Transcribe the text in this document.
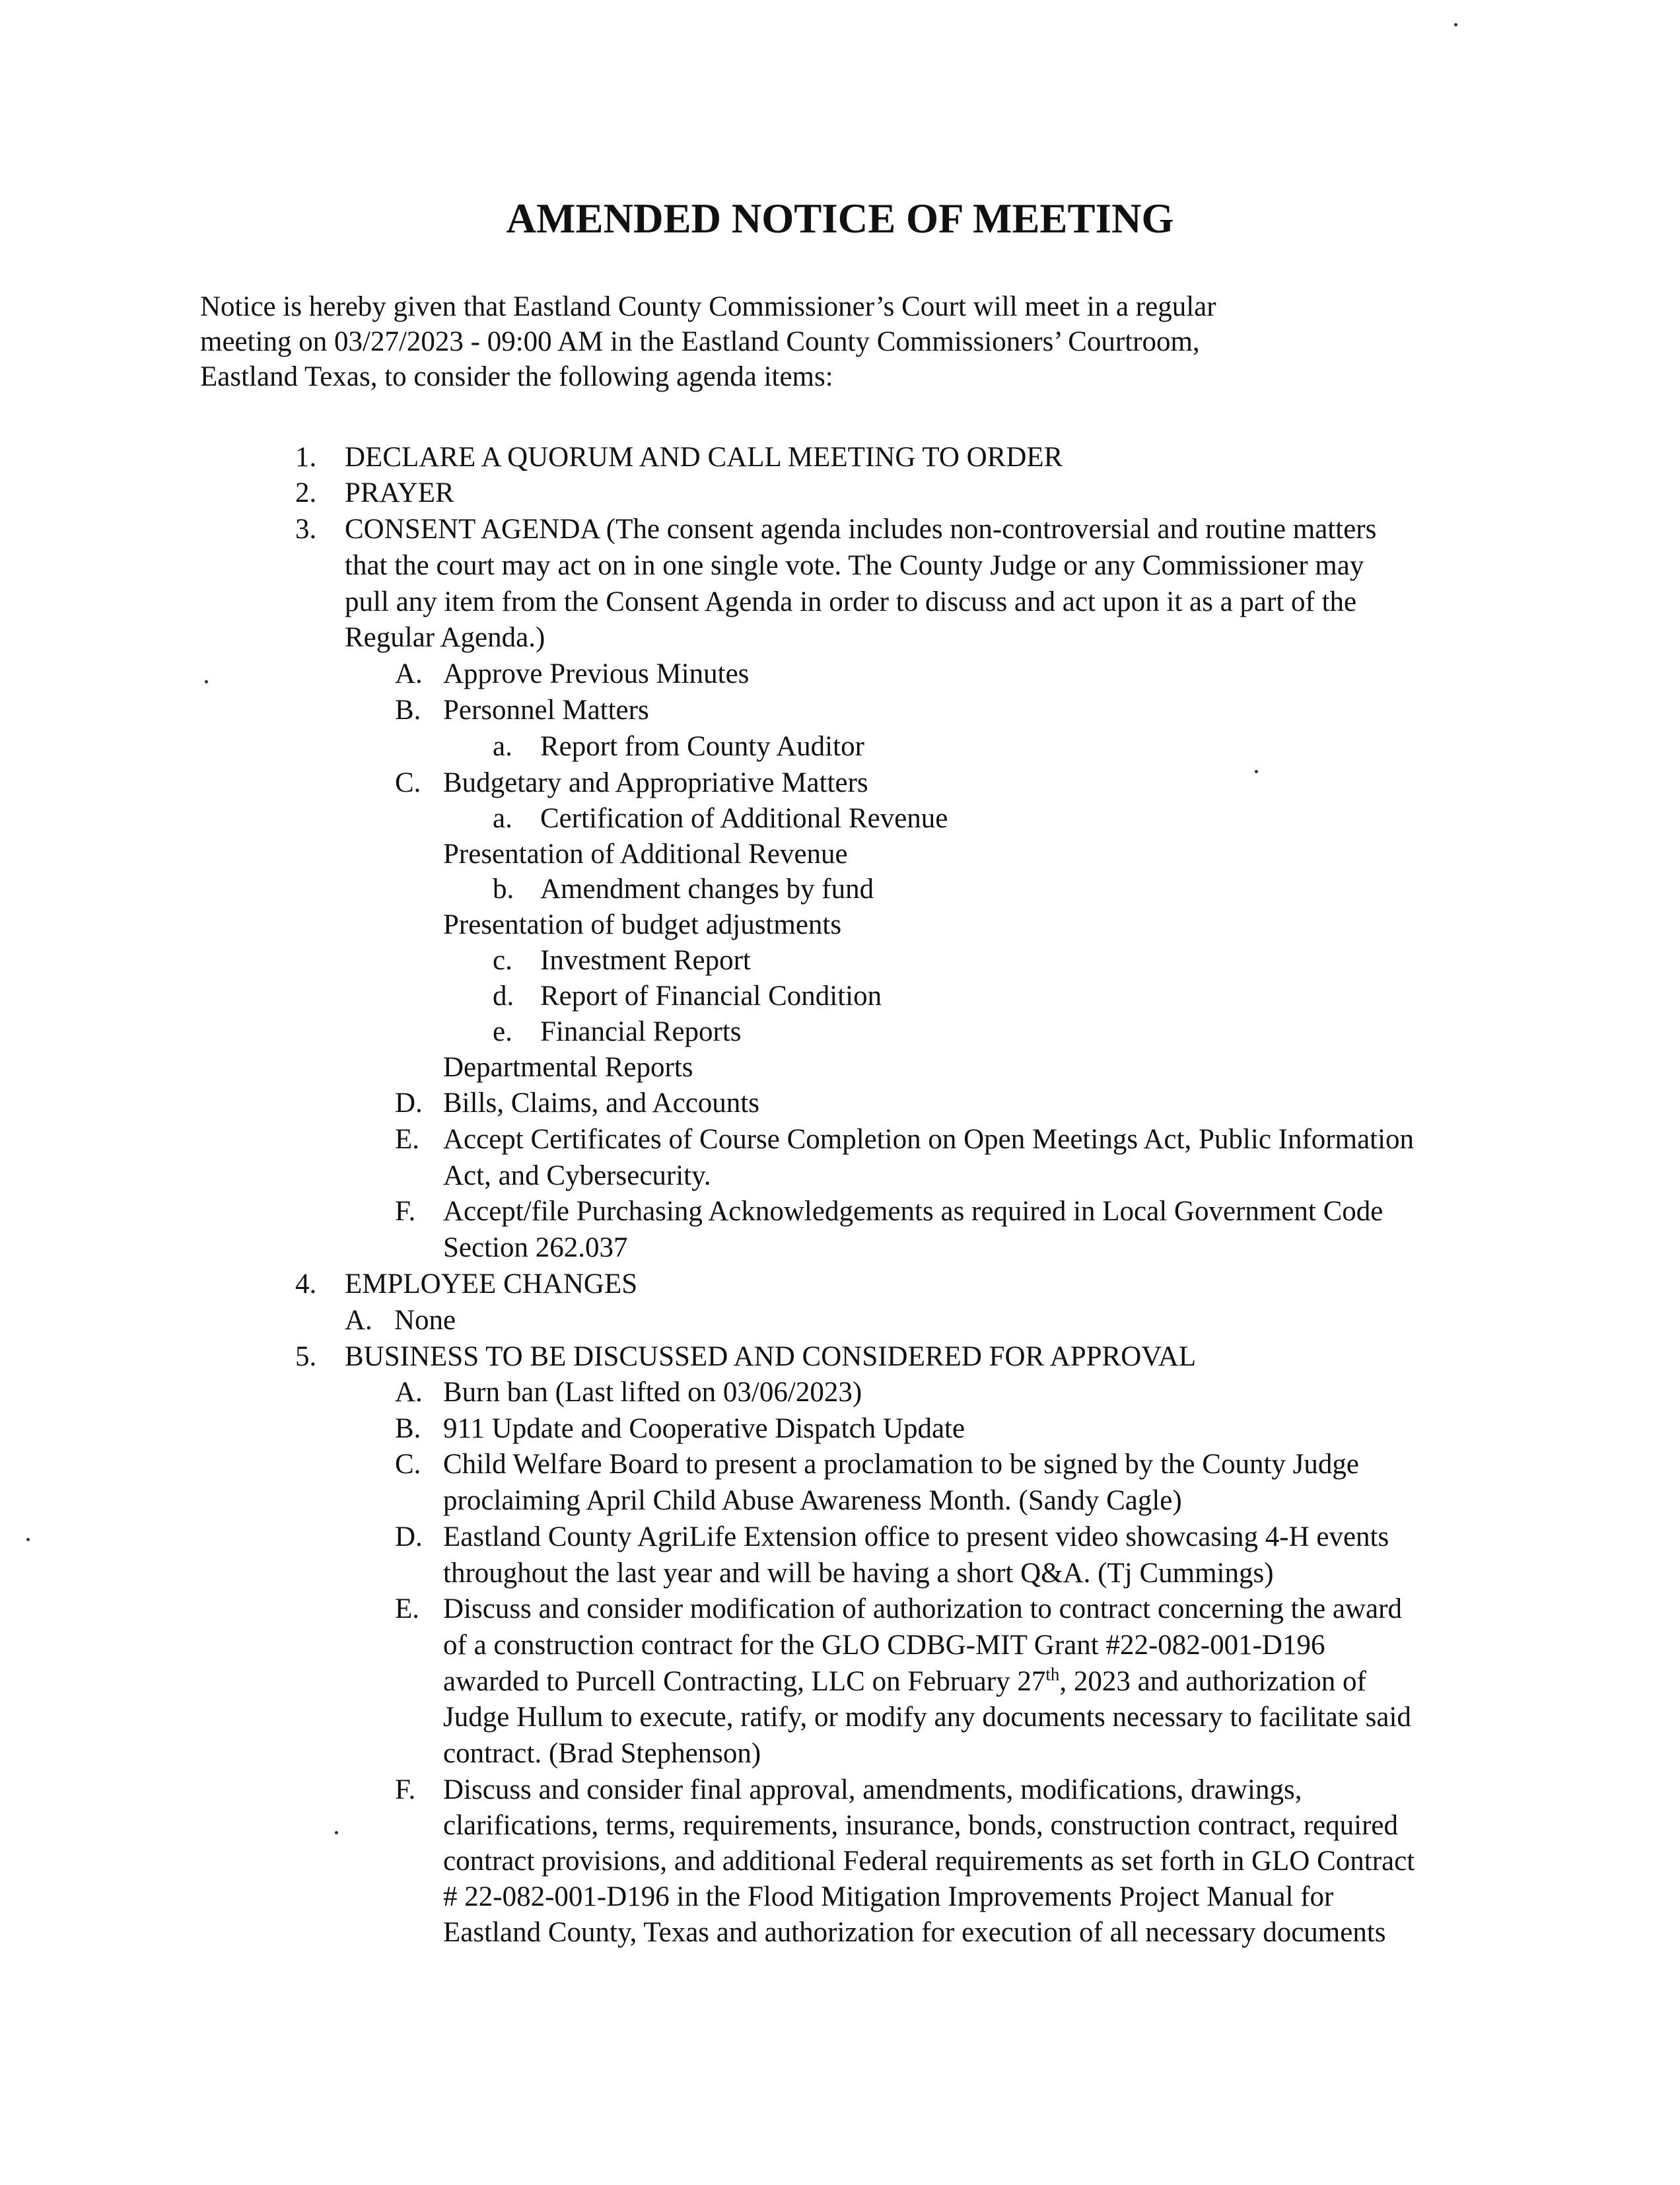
AMENDED NOTICE OF MEETING
Notice is hereby given that Eastland County Commissioner’s Court will meet in a regular
meeting on 03/27/2023 - 09:00 AM in the Eastland County Commissioners’ Courtroom,
Eastland Texas, to consider the following agenda items:
1. DECLARE A QUORUM AND CALL MEETING TO ORDER
2. PRAYER
3. CONSENT AGENDA (The consent agenda includes non-controversial and routine matters
that the court may act on in one single vote. The County Judge or any Commissioner may
pull any item from the Consent Agenda in order to discuss and act upon it as a part of the
Regular Agenda.)
A. Approve Previous Minutes
B. Personnel Matters
a. Report from County Auditor
C. Budgetary and Appropriative Matters
a. Certification of Additional Revenue
Presentation of Additional Revenue
b. Amendment changes by fund
Presentation of budget adjustments
c. Investment Report
d. Report of Financial Condition
e. Financial Reports
Departmental Reports
D. Bills, Claims, and Accounts
E. Accept Certificates of Course Completion on Open Meetings Act, Public Information
Act, and Cybersecurity.
F. Accept/file Purchasing Acknowledgements as required in Local Government Code
Section 262.037
4. EMPLOYEE CHANGES
A. None
5. BUSINESS TO BE DISCUSSED AND CONSIDERED FOR APPROVAL
A. Burn ban (Last lifted on 03/06/2023)
B. 911 Update and Cooperative Dispatch Update
C. Child Welfare Board to present a proclamation to be signed by the County Judge
proclaiming April Child Abuse Awareness Month. (Sandy Cagle)
D. Eastland County AgriLife Extension office to present video showcasing 4-H events
throughout the last year and will be having a short Q&A. (Tj Cummings)
E. Discuss and consider modification of authorization to contract concerning the award
of a construction contract for the GLO CDBG-MIT Grant #22-082-001-D196
awarded to Purcell Contracting, LLC on February 27th, 2023 and authorization of
Judge Hullum to execute, ratify, or modify any documents necessary to facilitate said
contract. (Brad Stephenson)
F. Discuss and consider final approval, amendments, modifications, drawings,
clarifications, terms, requirements, insurance, bonds, construction contract, required
contract provisions, and additional Federal requirements as set forth in GLO Contract
# 22-082-001-D196 in the Flood Mitigation Improvements Project Manual for
Eastland County, Texas and authorization for execution of all necessary documents
